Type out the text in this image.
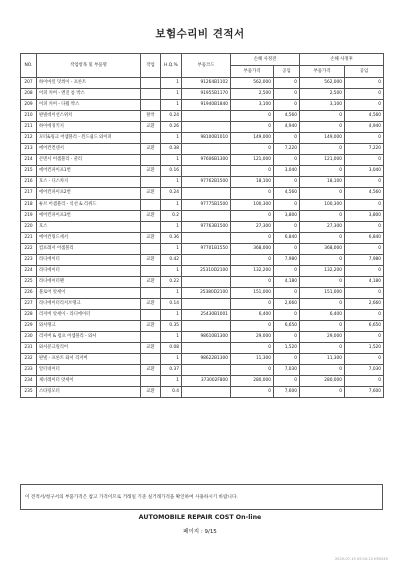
보험수리비 견적서
NO.	작업항목 및 부품명	작업	H.Q.%	부품코드	손해 사정전		손해 사정후	
					부품가격	공임	부품가격	공임
207	하이마일 덧씌이 - 프론트		1	91264B1102	562,000	0	562,000	0
208	어퍼 커버 - 엔진 룸 박스		1	91955B1170	2,500	0	2,500	0
209	어퍼 커버 - 다월 박스		1	91940B1840	3,100	0	3,100	0
210	판넬데이션스위치	탈착	0.24		0	4,560	0	4,560
211	하이에징키지	교환	0.26		0	4,940	0	4,940
212	모터&링크 어셈블리 - 윈드쉴드 와이퍼		1	98100B1010	149,000	0	149,000	0
213	에어컨컨덴서	교환	0.38		0	7,220	0	7,220
214	콘덴서 어셈블리 - 쿨러		1	97606B1300	121,000	0	121,000	0
215	에어컨파이프1번	교환	0.16		0	3,040	0	3,040
216	호스 - 디스차지		1	97762B1500	18,100	0	18,100	0
217	에어컨파이프2번	교환	0.24		0	4,560	0	4,560
218	튜브 어셈블리 - 석션 & 리퀴드		1	97775B1500	100,300	0	100,300	0
219	에어컨파이프3번	교환	0.2		0	3,800	0	3,800
220	호스		1	97763B1500	27,300	0	27,300	0
221	에어컨링드세서	교환	0.36		0	6,840	0	6,840
222	컴프레서 어셈블리		1	97701B1550	368,000	0	368,000	0
223	라디에이터	교환	0.42		0	7,980	0	7,980
224	라디에이터		1	25310D2100	132,200	0	132,200	0
225	라디에이터팬	교환	0.22		0	4,180	0	4,180
226	블로어 앗세이		1	25380D2100	151,000	0	151,000	0
227	라디에이터리저브탱크	교환	0.14		0	2,660	0	2,660
228	리저버 앗세이 - 라디에이터		1	25430B1001	6,400	0	6,400	0
229	와셔탱크	교환	0.35		0	6,650	0	6,650
230	리저버 & 펌프 어셈블리 - 와셔		1	98610B1300	29,000	0	29,000	0
231	와셔분크릴리어	교환	0.08		0	1,520	0	1,520
232	판넬 - 프론트 와셔 리저버		1	98622B1300	11,300	0	11,300	0
233	알터네이터	교환	0.37		0	7,030	0	7,030
234	제너레이터 앗세이		1	373002F800	280,000	0	280,000	0
235	스타링모터	교환	0.4		0	7,600	0	7,600
이 견적서/청구서의 부품가격은 참고 가격이므로 거래일 기준 실거래가격을 확인하여 사용하시기 바랍니다.
AUTOMOBILE REPAIR COST On-line
페이지 : 9/15
2025-07-15 09:10:12 K95245
